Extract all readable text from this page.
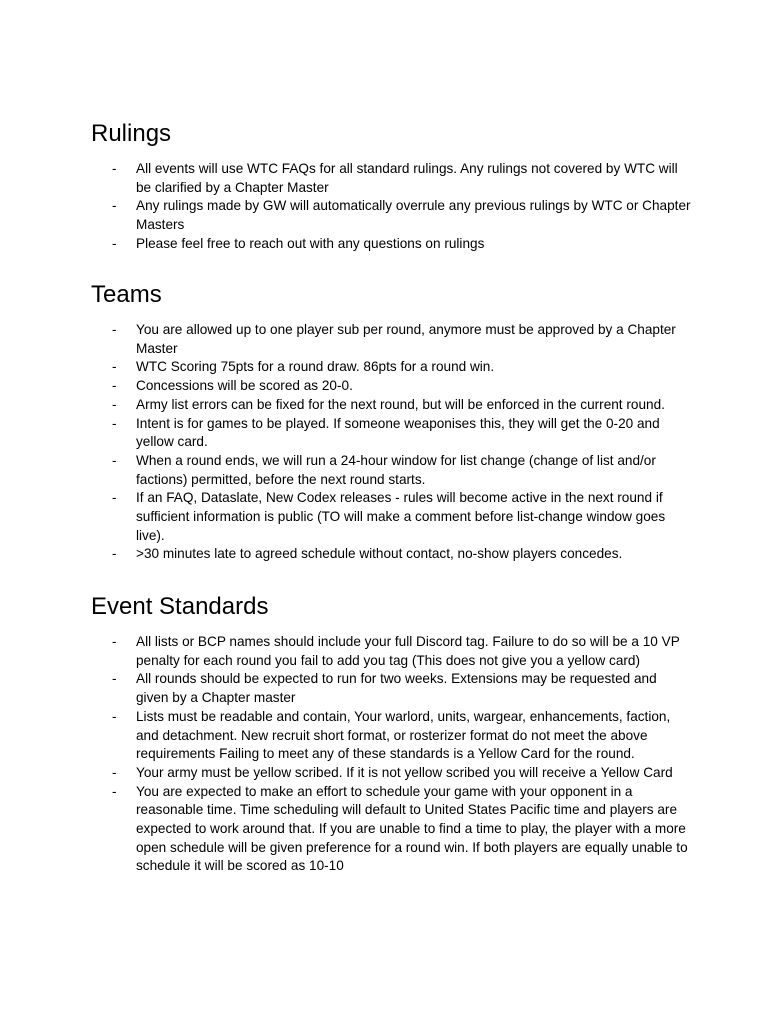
Rulings
- All events will use WTC FAQs for all standard rulings. Any rulings not covered by WTC will be clarified by a Chapter Master
- Any rulings made by GW will automatically overrule any previous rulings by WTC or Chapter Masters
- Please feel free to reach out with any questions on rulings
Teams
- You are allowed up to one player sub per round, anymore must be approved by a Chapter Master
- WTC Scoring 75pts for a round draw. 86pts for a round win.
- Concessions will be scored as 20-0.
- Army list errors can be fixed for the next round, but will be enforced in the current round.
- Intent is for games to be played. If someone weaponises this, they will get the 0-20 and yellow card.
- When a round ends, we will run a 24-hour window for list change (change of list and/or factions) permitted, before the next round starts.
- If an FAQ, Dataslate, New Codex releases - rules will become active in the next round if sufficient information is public (TO will make a comment before list-change window goes live).
- >30 minutes late to agreed schedule without contact, no-show players concedes.
Event Standards
- All lists or BCP names should include your full Discord tag. Failure to do so will be a 10 VP penalty for each round you fail to add you tag (This does not give you a yellow card)
- All rounds should be expected to run for two weeks. Extensions may be requested and given by a Chapter master
- Lists must be readable and contain, Your warlord, units, wargear, enhancements, faction, and detachment. New recruit short format, or rosterizer format do not meet the above requirements Failing to meet any of these standards is a Yellow Card for the round.
- Your army must be yellow scribed. If it is not yellow scribed you will receive a Yellow Card
- You are expected to make an effort to schedule your game with your opponent in a reasonable time. Time scheduling will default to United States Pacific time and players are expected to work around that. If you are unable to find a time to play, the player with a more open schedule will be given preference for a round win. If both players are equally unable to schedule it will be scored as 10-10
